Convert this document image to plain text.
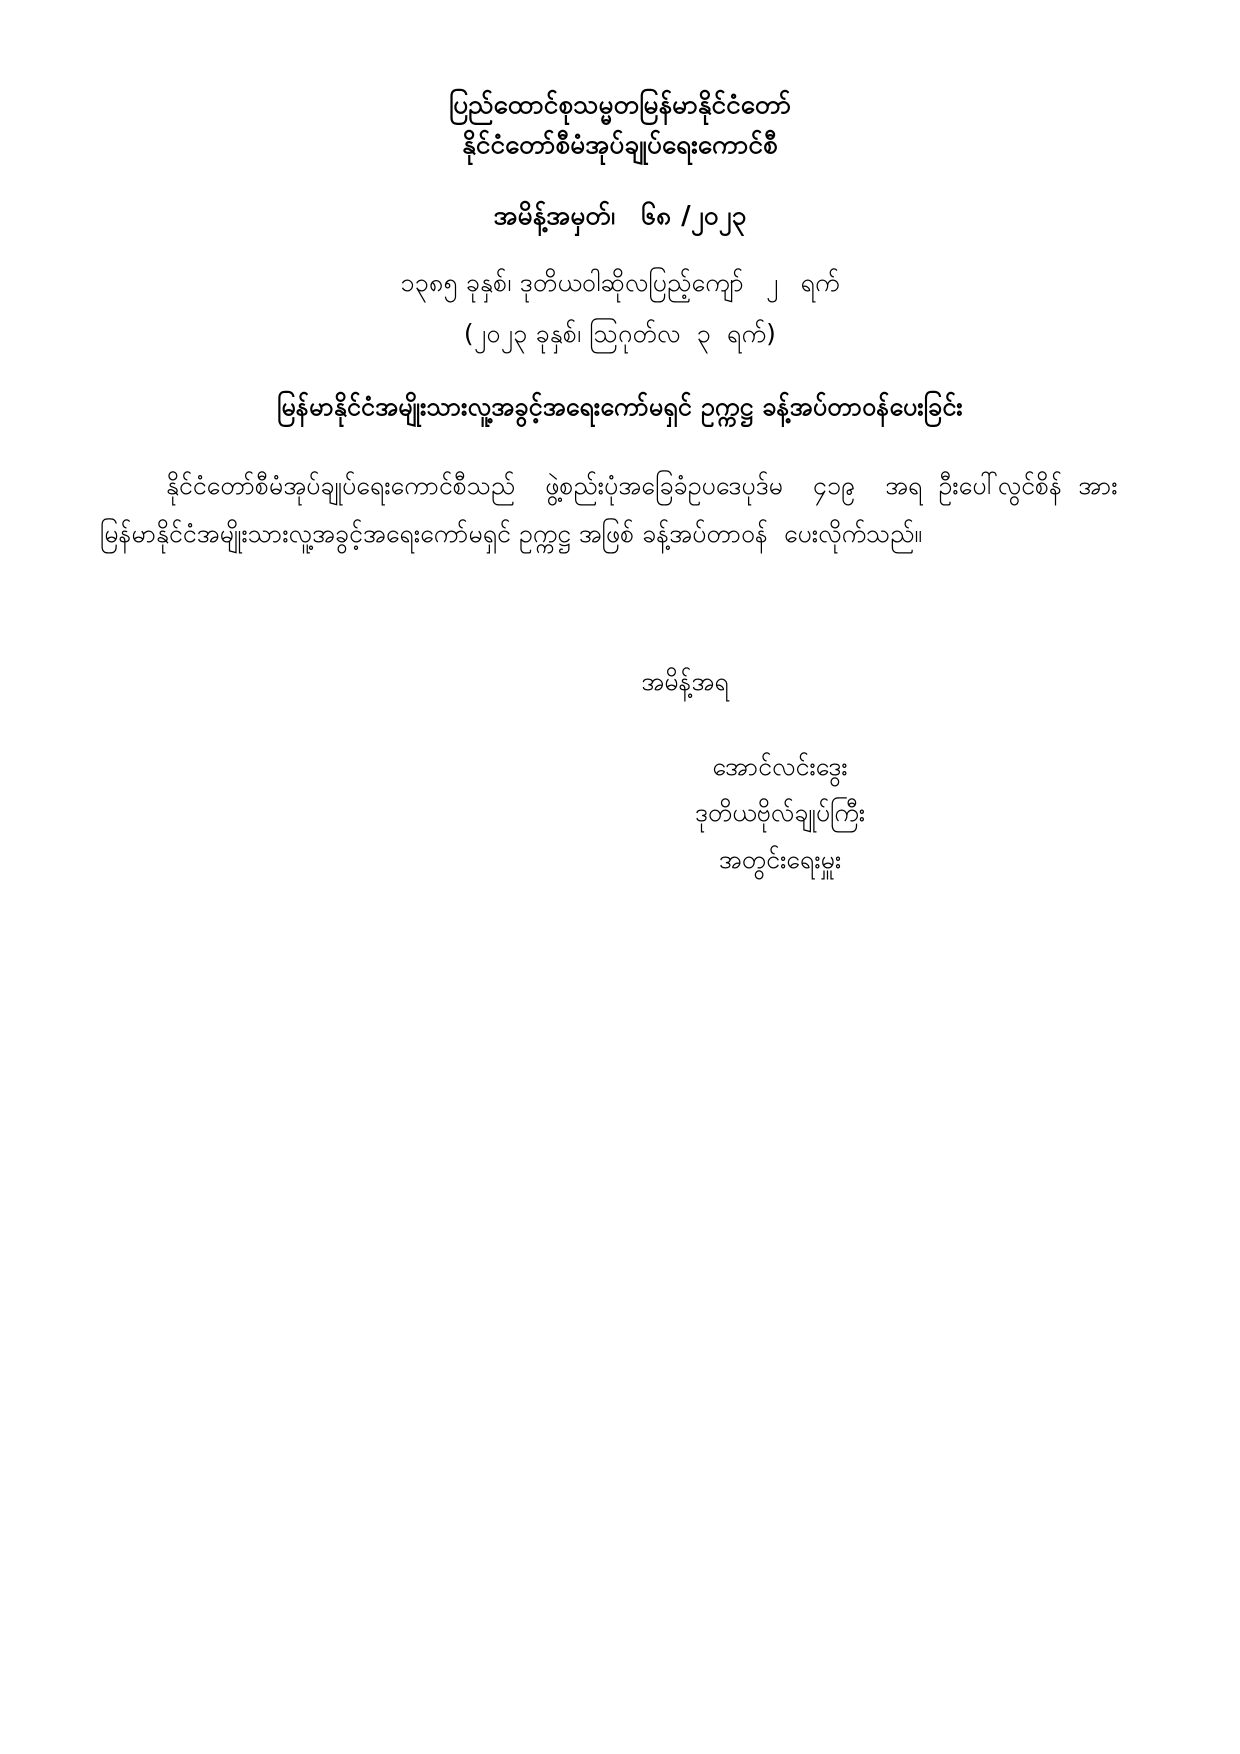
ပြည်ထောင်စုသမ္မတမြန်မာနိုင်ငံတော်
နိုင်ငံတော်စီမံအုပ်ချုပ်ရေးကောင်စီ
အမိန့်အမှတ်၊ ၆၈ /၂၀၂၃
၁၃၈၅ ခုနှစ်၊ ဒုတိယဝါဆိုလပြည့်ကျော် ၂ ရက်
(၂၀၂၃ ခုနှစ်၊ သြဂုတ်လ ၃ ရက်)
မြန်မာနိုင်ငံအမျိုးသားလူ့အခွင့်အရေးကော်မရှင် ဥက္ကဋ္ဌ ခန့်အပ်တာဝန်ပေးခြင်း
နိုင်ငံတော်စီမံအုပ်ချုပ်ရေးကောင်စီသည် ဖွဲ့စည်းပုံအခြေခံဥပဒေပုဒ်မ ၄၁၉ အရ ဦးပေါ်လွင်စိန် အားမြန်မာနိုင်ငံအမျိုးသားလူ့အခွင့်အရေးကော်မရှင် ဥက္ကဋ္ဌ အဖြစ် ခန့်အပ်တာဝန် ပေးလိုက်သည်။
အမိန့်အရ
အောင်လင်းဒွေး
ဒုတိယဗိုလ်ချုပ်ကြီး
အတွင်းရေးမှူး
